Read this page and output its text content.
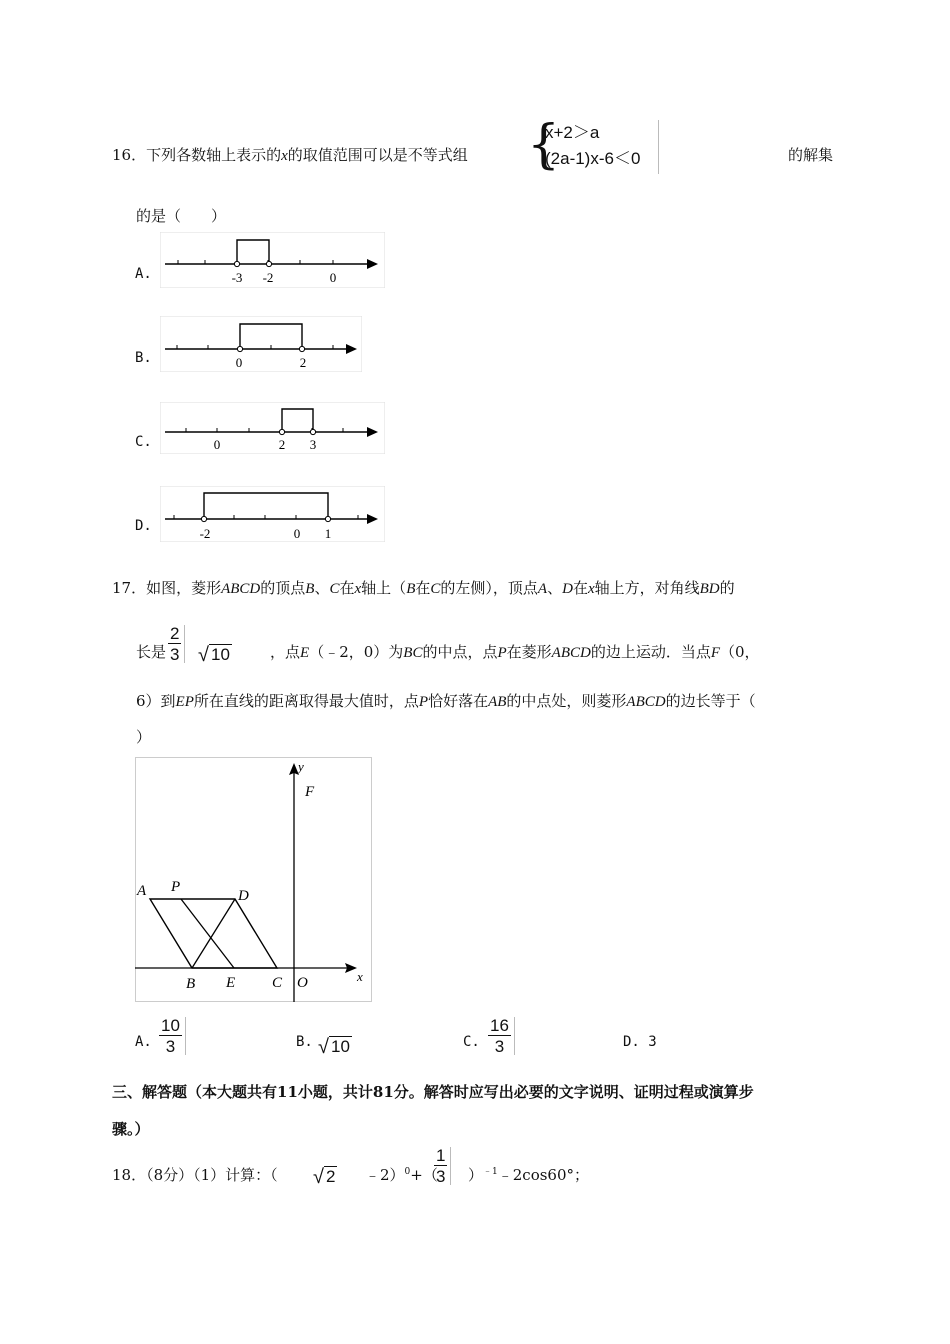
16．下列各数轴上表示的x的取值范围可以是不等式组 {
x+2＞a
(2a-1)x-6＜0	的解集
的是（　　）
A.	-3 -2	0
B.	0	2
C.	0	2 3
D.	-2	0 1
17．如图，菱形ABCD的顶点B、C在x轴上（B在C的左侧），顶点A、D在x轴上方，对角线BD的
长是 $\frac{2}{3}$ √ 10	，点E（﹣2，0）为BC的中点，点P在菱形ABCD的边上运动．当点F（0，
6）到EP所在直线的距离取得最大值时，点P恰好落在AB的中点处，则菱形ABCD的边长等于（
）
y
F
A P
D
B E C O	x
A. $\frac{10}{3}$	B. √ 10	C. $\frac{16}{3}$	D. 3
三、解答题（本大题共有11小题，共计81分。解答时应写出必要的文字说明、证明过程或演算步
骤。）
18．（8分）（1）计算：（ √ 2 ﹣2）$^0$+（
$\frac{1}{3}$ ）$^{﹣1}$﹣2cos60°；
